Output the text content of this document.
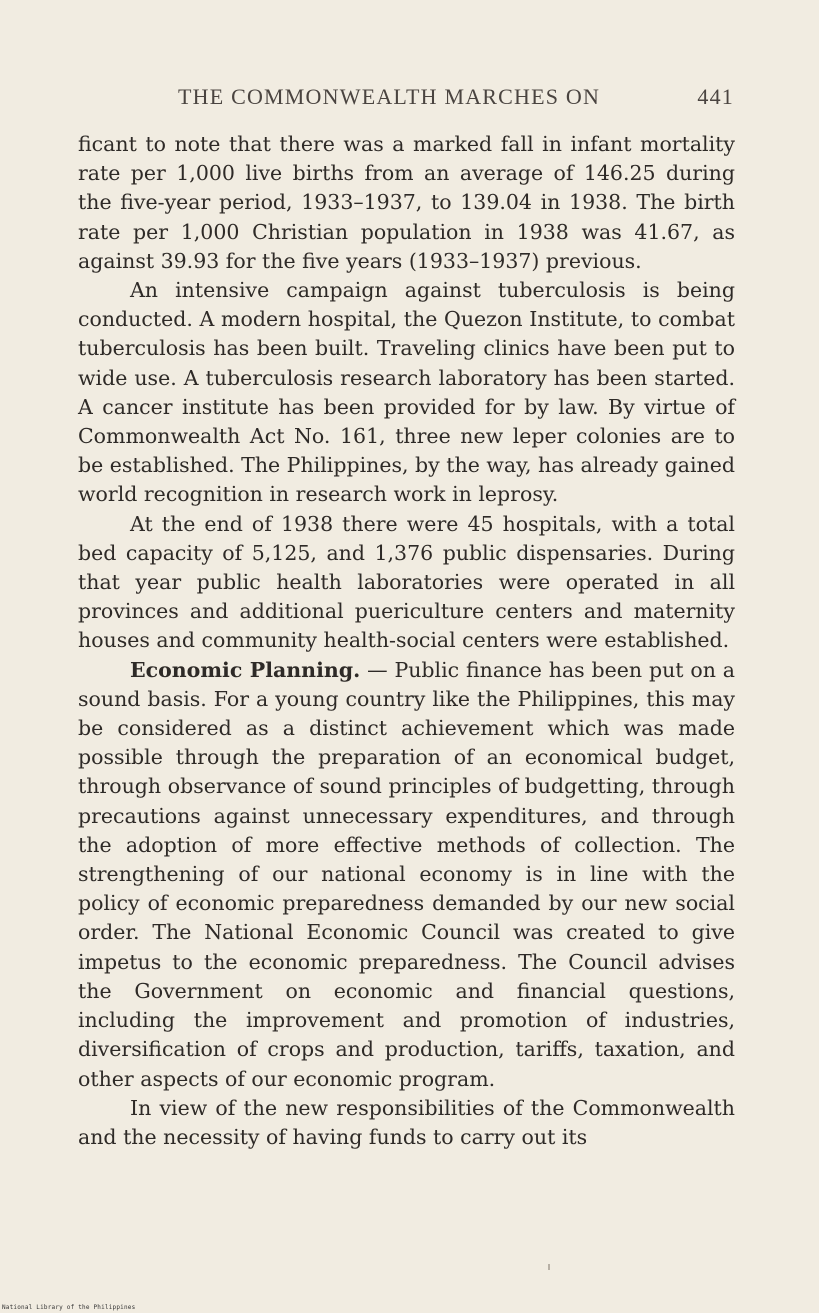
THE COMMONWEALTH MARCHES ON	441

ficant to note that there was a marked fall in infant mortality rate per 1,000 live births from an average of 146.25 during the five-year period, 1933–1937, to 139.04 in 1938. The birth rate per 1,000 Christian population in 1938 was 41.67, as against 39.93 for the five years (1933–1937) previous.

An intensive campaign against tuberculosis is being conducted. A modern hospital, the Quezon Institute, to combat tuberculosis has been built. Traveling clinics have been put to wide use. A tuberculosis research laboratory has been started. A cancer institute has been provided for by law. By virtue of Commonwealth Act No. 161, three new leper colonies are to be established. The Philippines, by the way, has already gained world recognition in research work in leprosy.

At the end of 1938 there were 45 hospitals, with a total bed capacity of 5,125, and 1,376 public dispensaries. During that year public health laboratories were operated in all provinces and additional puericulture centers and maternity houses and community health-social centers were established.

Economic Planning. — Public finance has been put on a sound basis. For a young country like the Philippines, this may be considered as a distinct achievement which was made possible through the preparation of an economical budget, through observance of sound principles of budgetting, through precautions against unnecessary expenditures, and through the adoption of more effective methods of collection. The strengthening of our national economy is in line with the policy of economic preparedness demanded by our new social order. The National Economic Council was created to give impetus to the economic preparedness. The Council advises the Government on economic and financial questions, including the improvement and promotion of industries, diversification of crops and production, tariffs, taxation, and other aspects of our economic program.

In view of the new responsibilities of the Commonwealth and the necessity of having funds to carry out its

National Library of the Philippines
